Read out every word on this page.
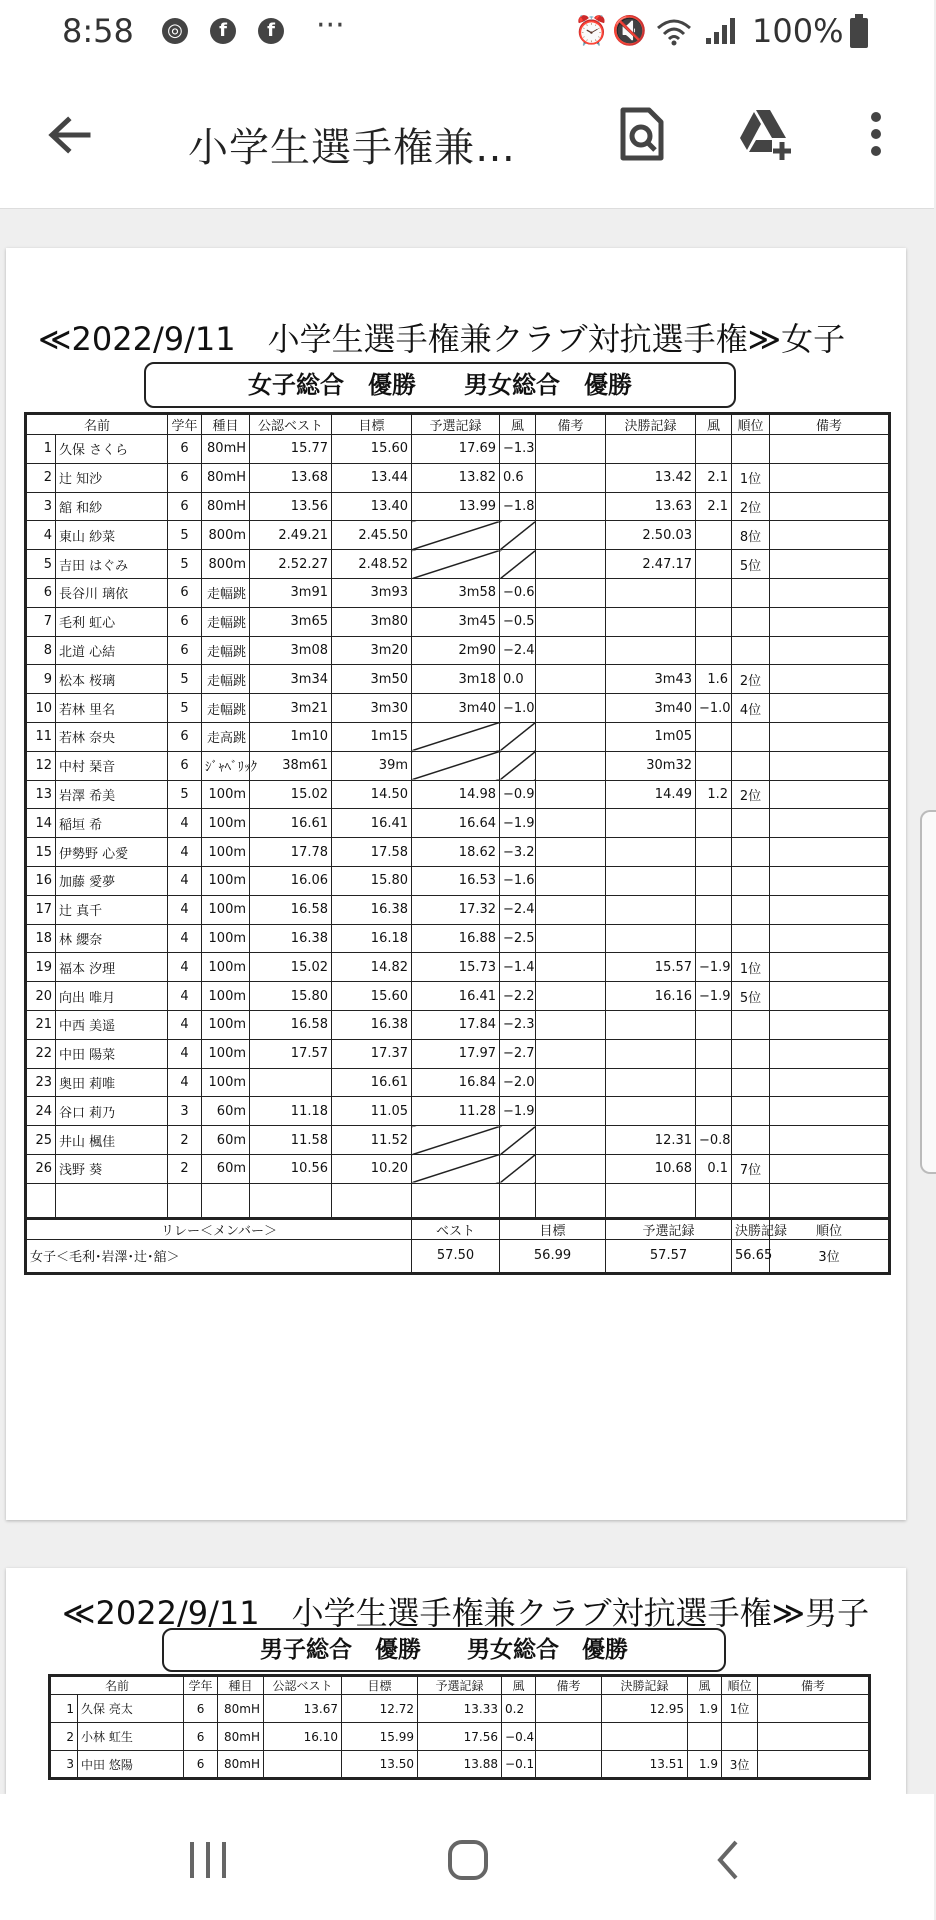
8:58 ◎	f	f	···	⏰ 🔇	100%
小学生選手権兼…
≪2022/9/11　小学生選手権兼クラブ対抗選手権≫女子
女子総合　優勝　　男女総合　優勝
名前		学年	種目	公認ベスト	目標	予選記録	風	備考	決勝記録	風	順位	備考
1	久保 さくら	6	80mH	15.77	15.60	17.69	−1.3					
2	辻 知沙	6	80mH	13.68	13.44	13.82	0.6		13.42	2.1	1位	
3	舘 和紗	6	80mH	13.56	13.40	13.99	−1.8		13.63	2.1	2位	
4	東山 紗菜	5	800m	2.49.21	2.45.50				2.50.03		8位	
5	吉田 はぐみ	5	800m	2.52.27	2.48.52				2.47.17		5位	
6	長谷川 璃依	6	走幅跳	3m91	3m93	3m58	−0.6					
7	毛利 虹心	6	走幅跳	3m65	3m80	3m45	−0.5					
8	北道 心結	6	走幅跳	3m08	3m20	2m90	−2.4					
9	松本 桜璃	5	走幅跳	3m34	3m50	3m18	0.0		3m43	1.6	2位	
10	若林 里名	5	走幅跳	3m21	3m30	3m40	−1.0		3m40	−1.0	4位	
11	若林 奈央	6	走高跳	1m10	1m15				1m05			
12	中村 琹音	6	ｼﾞｬﾍﾞﾘｯｸ	38m61	39m				30m32			
13	岩澤 希美	5	100m	15.02	14.50	14.98	−0.9		14.49	1.2	2位	
14	稲垣 希	4	100m	16.61	16.41	16.64	−1.9					
15	伊勢野 心愛	4	100m	17.78	17.58	18.62	−3.2					
16	加藤 愛夢	4	100m	16.06	15.80	16.53	−1.6					
17	辻 真千	4	100m	16.58	16.38	17.32	−2.4					
18	林 纓奈	4	100m	16.38	16.18	16.88	−2.5					
19	福本 汐理	4	100m	15.02	14.82	15.73	−1.4		15.57	−1.9	1位	
20	向出 唯月	4	100m	15.80	15.60	16.41	−2.2		16.16	−1.9	5位	
21	中西 美遥	4	100m	16.58	16.38	17.84	−2.3					
22	中田 陽菜	4	100m	17.57	17.37	17.97	−2.7					
23	奥田 莉唯	4	100m		16.61	16.84	−2.0					
24	谷口 莉乃	3	60m	11.18	11.05	11.28	−1.9					
25	井山 楓佳	2	60m	11.58	11.52				12.31	−0.8		
26	浅野 葵	2	60m	10.56	10.20				10.68	0.1	7位	

リレー＜メンバー＞						ベスト	目標		予選記録		決勝記録	順位
女子＜毛利･岩澤･辻･舘＞						57.50	56.99		57.57		56.65	3位
≪2022/9/11　小学生選手権兼クラブ対抗選手権≫男子
男子総合　優勝　　男女総合　優勝
名前		学年	種目	公認ベスト	目標	予選記録	風	備考	決勝記録	風	順位	備考
1	久保 亮太	6	80mH	13.67	12.72	13.33	0.2		12.95	1.9	1位	
2	小林 虹生	6	80mH	16.10	15.99	17.56	−0.4					
3	中田 悠陽	6	80mH		13.50	13.88	−0.1		13.51	1.9	3位	
